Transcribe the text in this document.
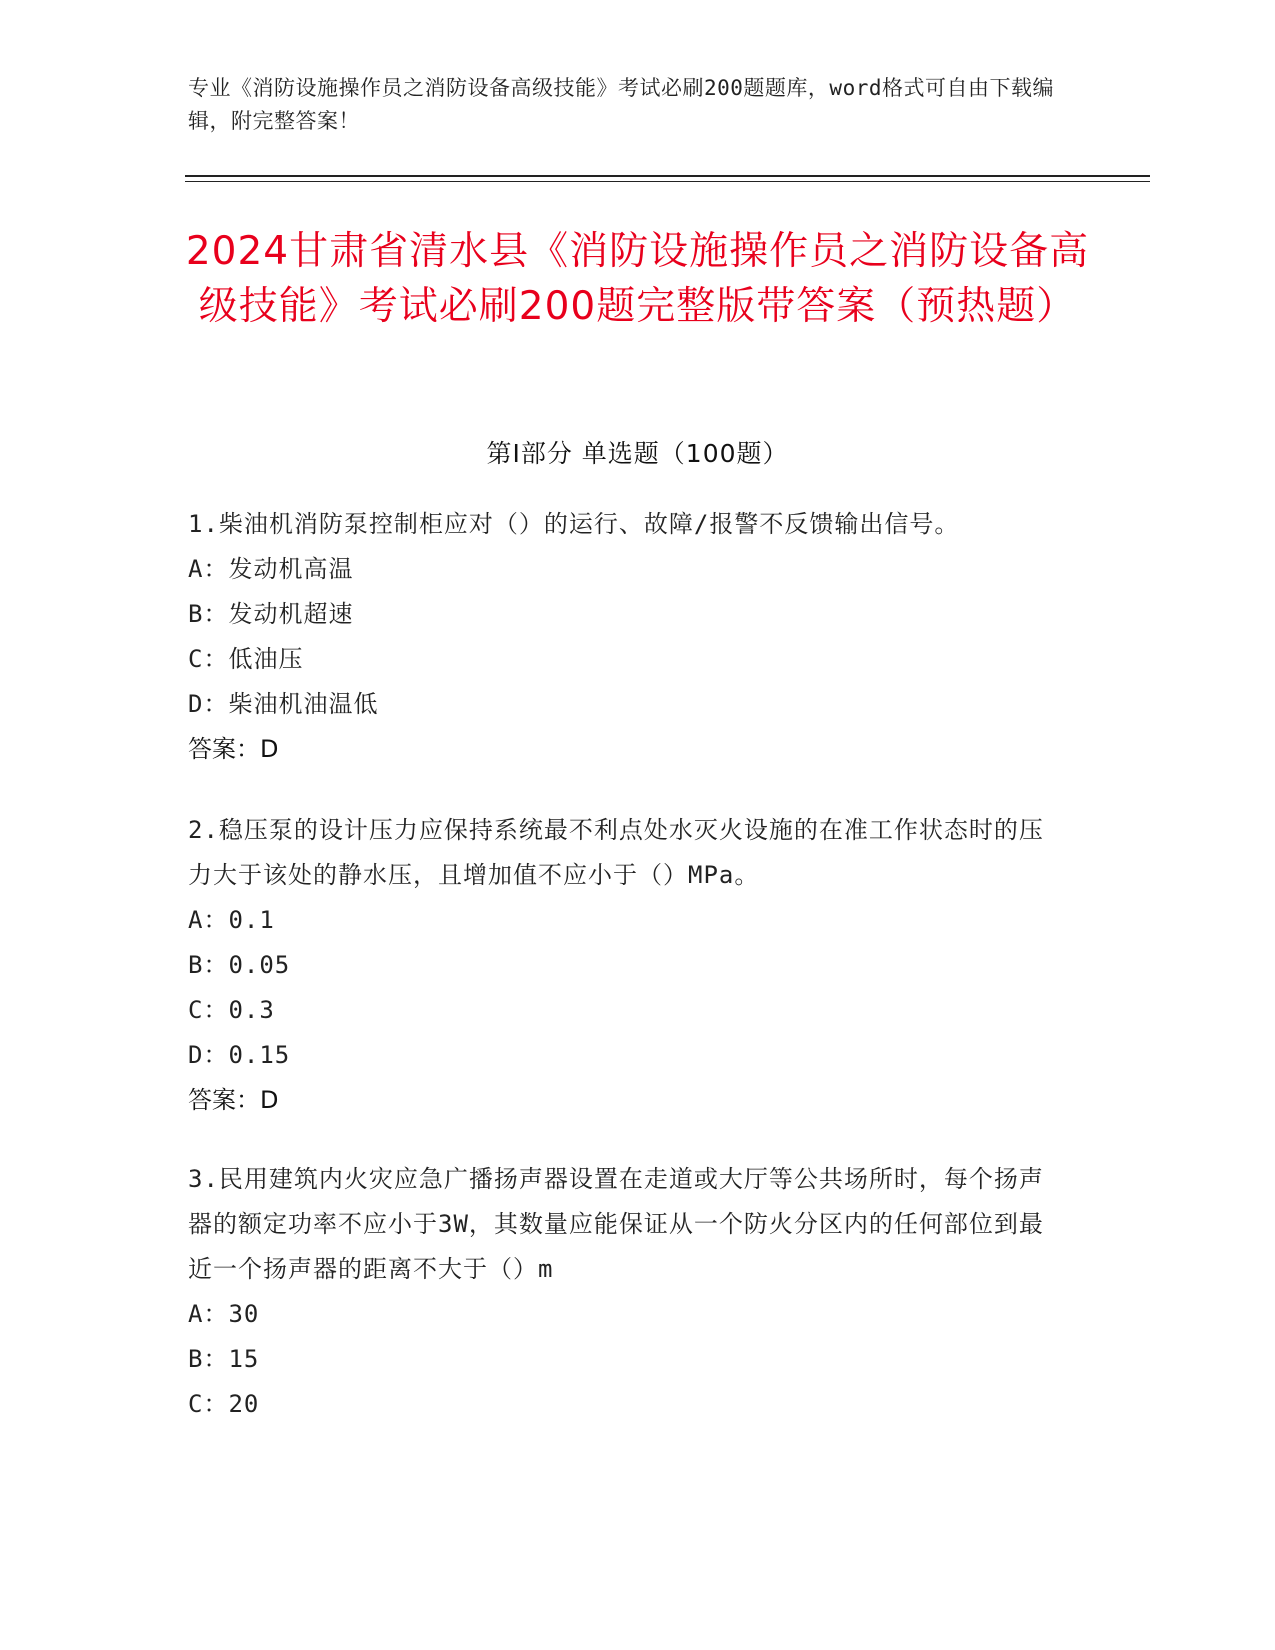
专业《消防设施操作员之消防设备高级技能》考试必刷200题题库，word格式可自由下载编辑，附完整答案！
2024甘肃省清水县《消防设施操作员之消防设备高级技能》考试必刷200题完整版带答案（预热题）
第Ⅰ部分 单选题（100题）
1.柴油机消防泵控制柜应对（）的运行、故障/报警不反馈输出信号。
A：发动机高温
B：发动机超速
C：低油压
D：柴油机油温低
答案：D
2.稳压泵的设计压力应保持系统最不利点处水灭火设施的在准工作状态时的压力大于该处的静水压，且增加值不应小于（）MPa。
A：0.1
B：0.05
C：0.3
D：0.15
答案：D
3.民用建筑内火灾应急广播扬声器设置在走道或大厅等公共场所时，每个扬声器的额定功率不应小于3W，其数量应能保证从一个防火分区内的任何部位到最近一个扬声器的距离不大于（）m
A：30
B：15
C：20
